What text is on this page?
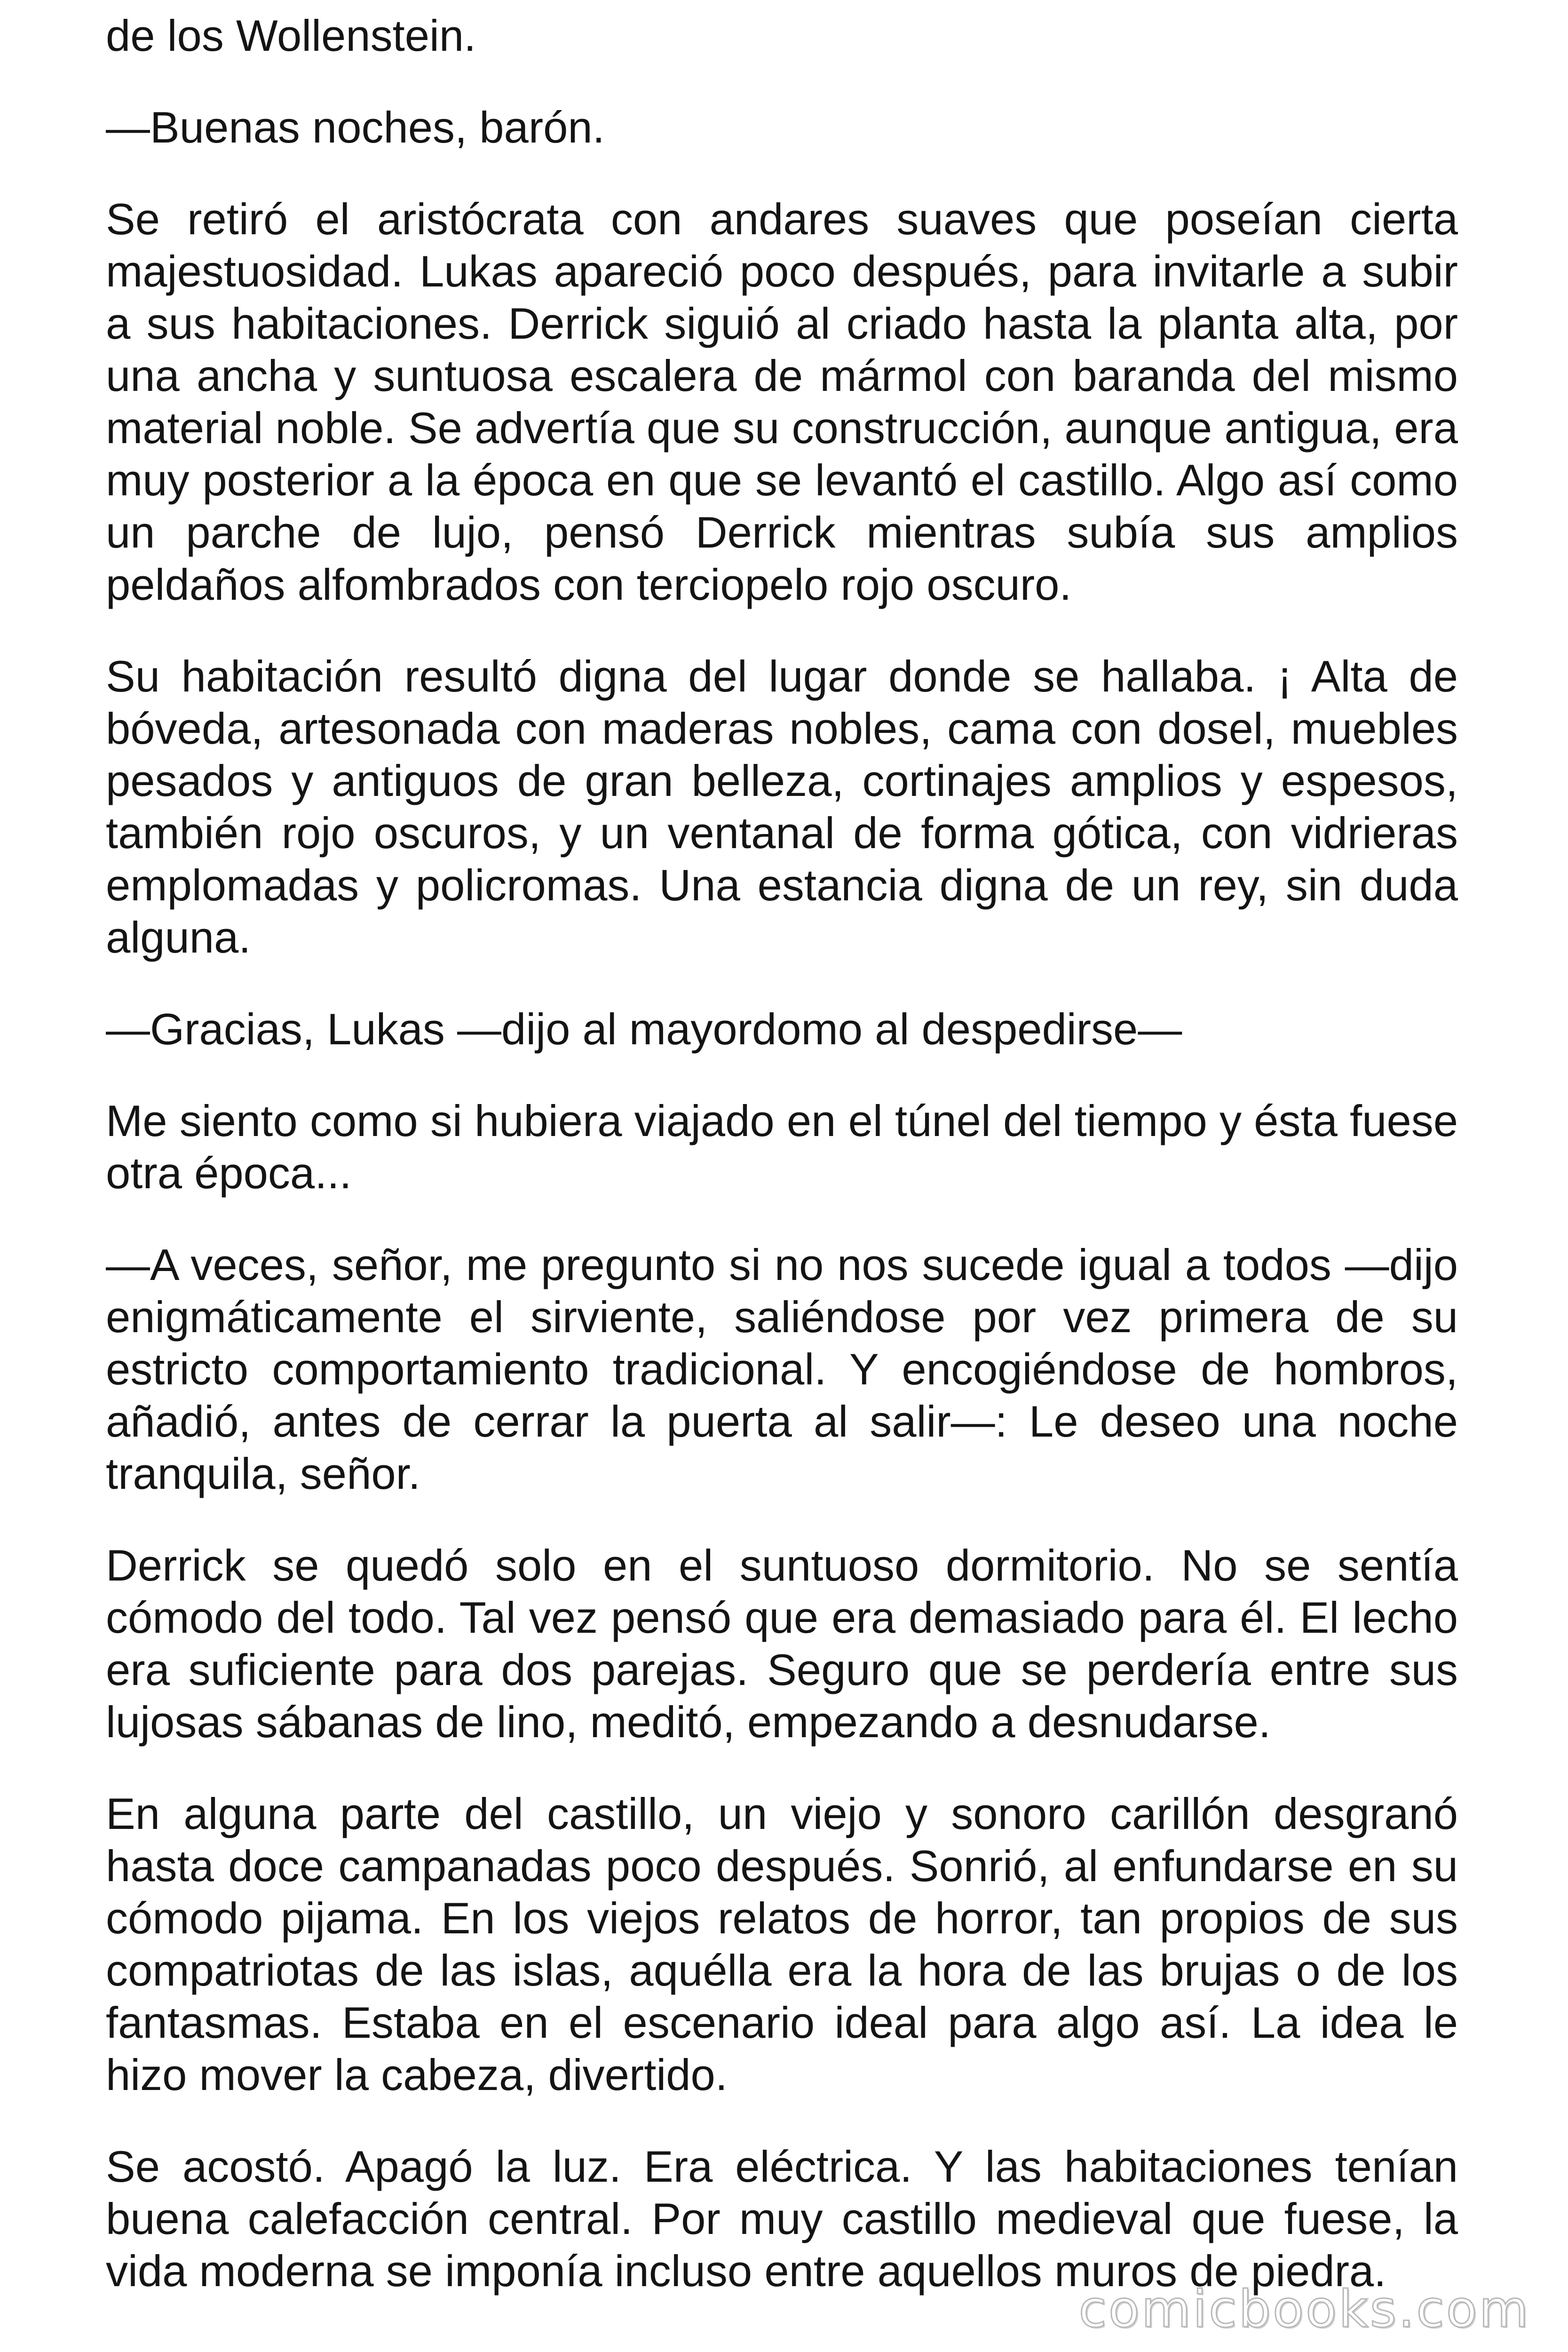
de los Wollenstein.

—Buenas noches, barón.

Se retiró el aristócrata con andares suaves que poseían cierta majestuosidad. Lukas apareció poco después, para invitarle a subir a sus habitaciones. Derrick siguió al criado hasta la planta alta, por una ancha y suntuosa escalera de mármol con baranda del mismo material noble. Se advertía que su construcción, aunque antigua, era muy posterior a la época en que se levantó el castillo. Algo así como un parche de lujo, pensó Derrick mientras subía sus amplios peldaños alfombrados con terciopelo rojo oscuro.

Su habitación resultó digna del lugar donde se hallaba. ¡ Alta de bóveda, artesonada con maderas nobles, cama con dosel, muebles pesados y antiguos de gran belleza, cortinajes amplios y espesos, también rojo oscuros, y un ventanal de forma gótica, con vidrieras emplomadas y policromas. Una estancia digna de un rey, sin duda alguna.

—Gracias, Lukas —dijo al mayordomo al despedirse—

Me siento como si hubiera viajado en el túnel del tiempo y ésta fuese otra época...

—A veces, señor, me pregunto si no nos sucede igual a todos —dijo enigmáticamente el sirviente, saliéndose por vez primera de su estricto comportamiento tradicional. Y encogiéndose de hombros, añadió, antes de cerrar la puerta al salir—: Le deseo una noche tranquila, señor.

Derrick se quedó solo en el suntuoso dormitorio. No se sentía cómodo del todo. Tal vez pensó que era demasiado para él. El lecho era suficiente para dos parejas. Seguro que se perdería entre sus lujosas sábanas de lino, meditó, empezando a desnudarse.

En alguna parte del castillo, un viejo y sonoro carillón desgranó hasta doce campanadas poco después. Sonrió, al enfundarse en su cómodo pijama. En los viejos relatos de horror, tan propios de sus compatriotas de las islas, aquélla era la hora de las brujas o de los fantasmas. Estaba en el escenario ideal para algo así. La idea le hizo mover la cabeza, divertido.

Se acostó. Apagó la luz. Era eléctrica. Y las habitaciones tenían buena calefacción central. Por muy castillo medieval que fuese, la vida moderna se imponía incluso entre aquellos muros de piedra.

comicbooks.com
